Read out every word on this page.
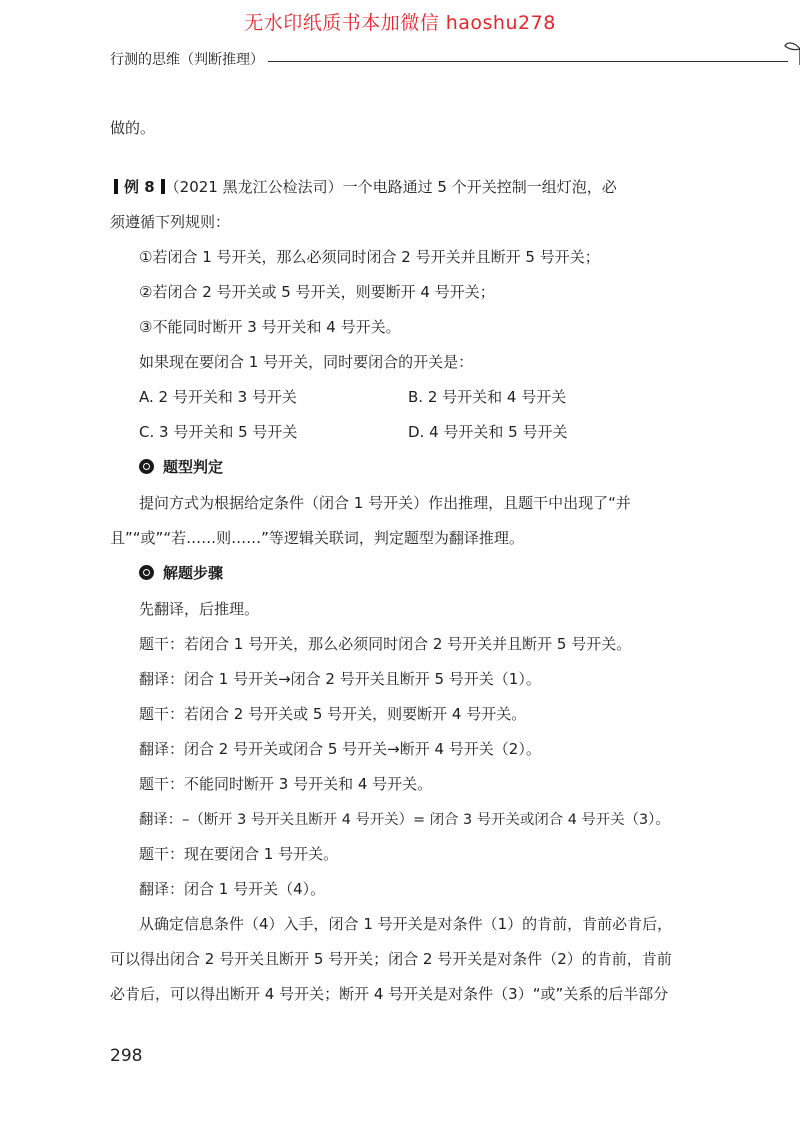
无水印纸质书本加微信 haoshu278
行测的思维（判断推理）
做的。
例 8 （2021 黑龙江公检法司）一个电路通过 5 个开关控制一组灯泡，必
须遵循下列规则：
①若闭合 1 号开关，那么必须同时闭合 2 号开关并且断开 5 号开关；
②若闭合 2 号开关或 5 号开关，则要断开 4 号开关；
③不能同时断开 3 号开关和 4 号开关。
如果现在要闭合 1 号开关，同时要闭合的开关是：
A. 2 号开关和 3 号开关	B. 2 号开关和 4 号开关
C. 3 号开关和 5 号开关	D. 4 号开关和 5 号开关
题型判定
提问方式为根据给定条件（闭合 1 号开关）作出推理，且题干中出现了“并
且”“或”“若……则……”等逻辑关联词，判定题型为翻译推理。
解题步骤
先翻译，后推理。
题干：若闭合 1 号开关，那么必须同时闭合 2 号开关并且断开 5 号开关。
翻译：闭合 1 号开关→闭合 2 号开关且断开 5 号开关（1）。
题干：若闭合 2 号开关或 5 号开关，则要断开 4 号开关。
翻译：闭合 2 号开关或闭合 5 号开关→断开 4 号开关（2）。
题干：不能同时断开 3 号开关和 4 号开关。
翻译：–（断开 3 号开关且断开 4 号开关）= 闭合 3 号开关或闭合 4 号开关（3）。
题干：现在要闭合 1 号开关。
翻译：闭合 1 号开关（4）。
从确定信息条件（4）入手，闭合 1 号开关是对条件（1）的肯前，肯前必肯后，
可以得出闭合 2 号开关且断开 5 号开关；闭合 2 号开关是对条件（2）的肯前，肯前
必肯后，可以得出断开 4 号开关；断开 4 号开关是对条件（3）“或”关系的后半部分
298
